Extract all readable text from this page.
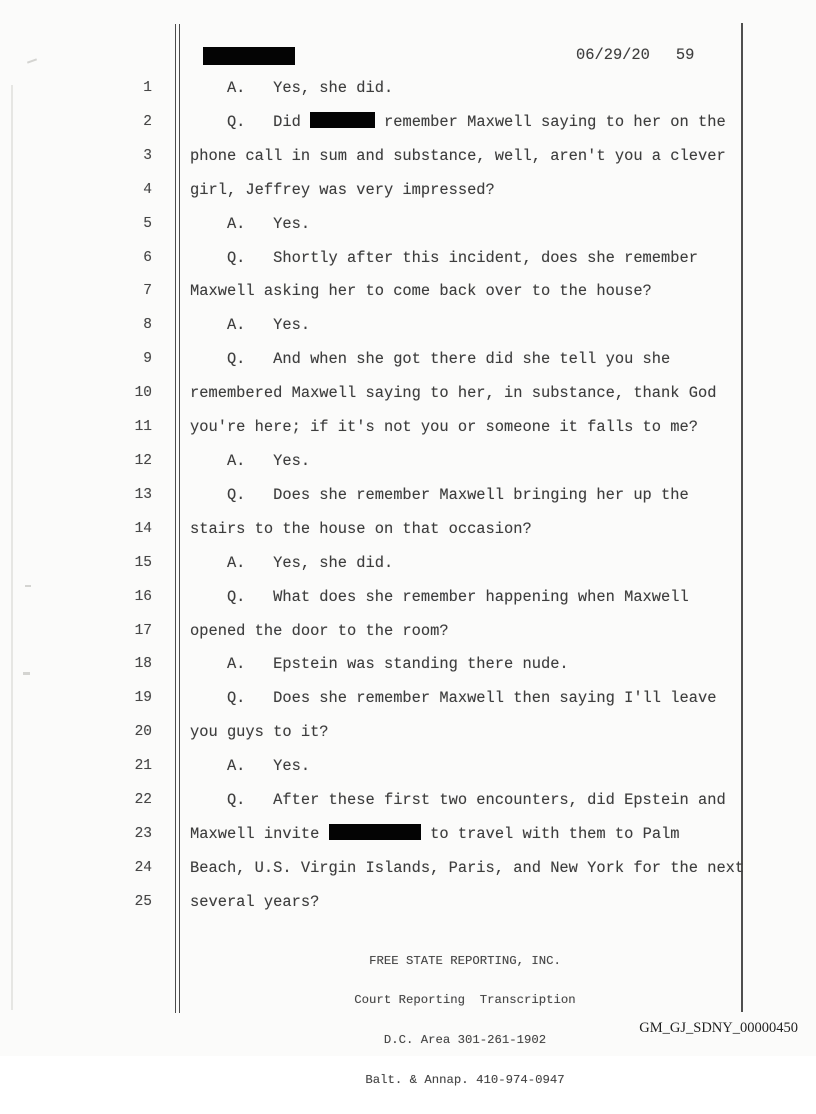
06/29/20 59
1    A.   Yes, she did.
2    Q.   Did	remember Maxwell saying to her on the
3 phone call in sum and substance, well, aren't you a clever
4 girl, Jeffrey was very impressed?
5    A.   Yes.
6    Q.   Shortly after this incident, does she remember
7 Maxwell asking her to come back over to the house?
8    A.   Yes.
9    Q.   And when she got there did she tell you she
10 remembered Maxwell saying to her, in substance, thank God
11 you're here; if it's not you or someone it falls to me?
12    A.   Yes.
13    Q.   Does she remember Maxwell bringing her up the
14 stairs to the house on that occasion?
15    A.   Yes, she did.
16    Q.   What does she remember happening when Maxwell
17 opened the door to the room?
18    A.   Epstein was standing there nude.
19    Q.   Does she remember Maxwell then saying I'll leave
20 you guys to it?
21    A.   Yes.
22    Q.   After these first two encounters, did Epstein and
23 Maxwell invite	to travel with them to Palm
24 Beach, U.S. Virgin Islands, Paris, and New York for the next
25 several years?

FREE STATE REPORTING, INC.

Court Reporting  Transcription

D.C. Area 301-261-1902

Balt. & Annap. 410-974-0947

GM_GJ_SDNY_00000450
